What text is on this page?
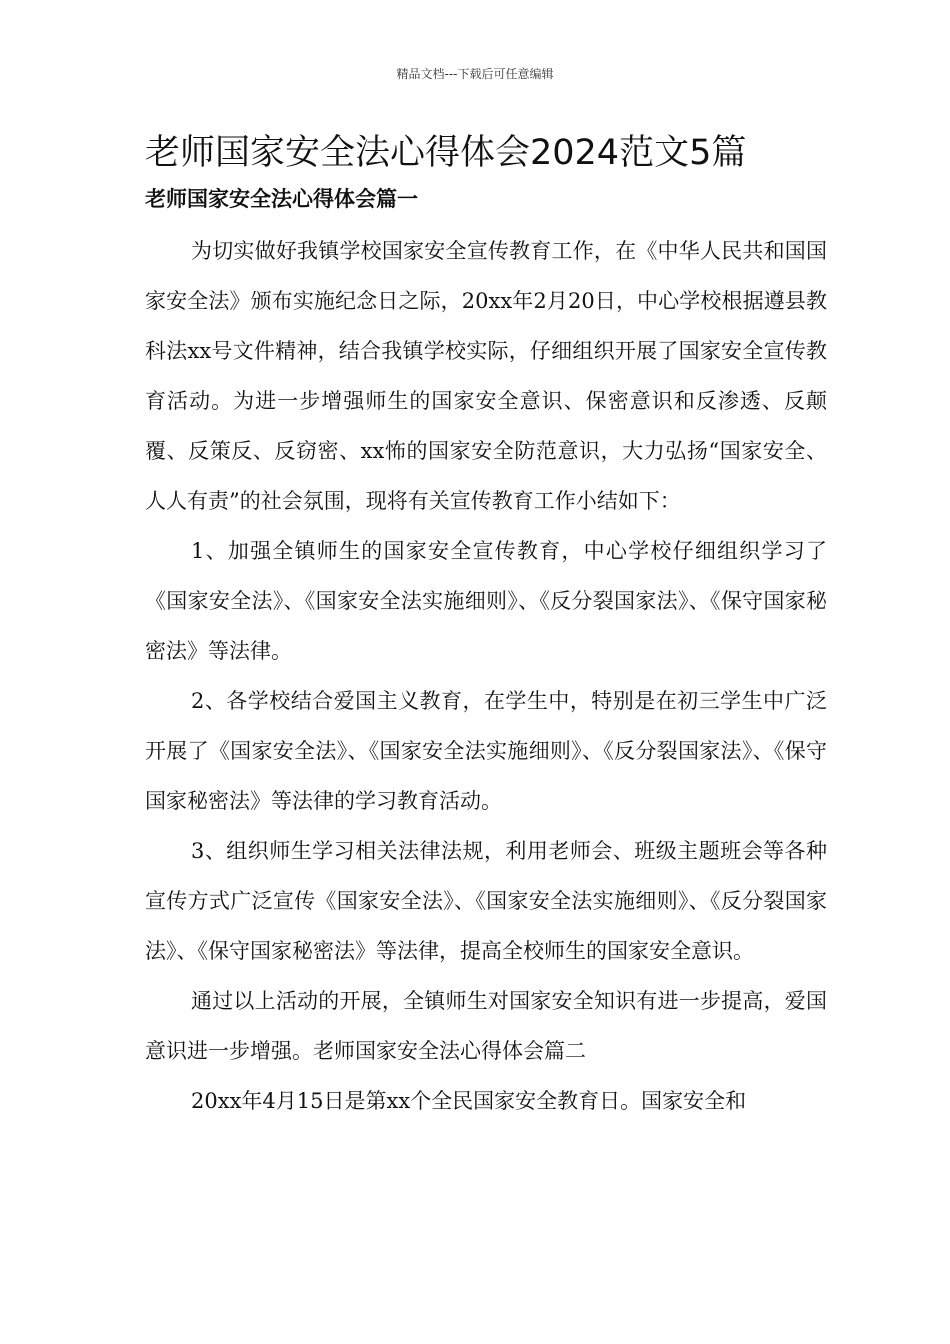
精品文档---下载后可任意编辑
老师国家安全法心得体会2024范文5篇
老师国家安全法心得体会篇一

为切实做好我镇学校国家安全宣传教育工作，在《中华人民共和国国家安全法》颁布实施纪念日之际，20xx年2月20日，中心学校根据遵县教科法xx号文件精神，结合我镇学校实际，仔细组织开展了国家安全宣传教育活动。为进一步增强师生的国家安全意识、保密意识和反渗透、反颠覆、反策反、反窃密、xx怖的国家安全防范意识，大力弘扬“国家安全、人人有责”的社会氛围，现将有关宣传教育工作小结如下：

1、加强全镇师生的国家安全宣传教育，中心学校仔细组织学习了《国家安全法》、《国家安全法实施细则》、《反分裂国家法》、《保守国家秘密法》等法律。

2、各学校结合爱国主义教育，在学生中，特别是在初三学生中广泛开展了《国家安全法》、《国家安全法实施细则》、《反分裂国家法》、《保守国家秘密法》等法律的学习教育活动。

3、组织师生学习相关法律法规，利用老师会、班级主题班会等各种宣传方式广泛宣传《国家安全法》、《国家安全法实施细则》、《反分裂国家法》、《保守国家秘密法》等法律，提高全校师生的国家安全意识。

通过以上活动的开展，全镇师生对国家安全知识有进一步提高，爱国意识进一步增强。老师国家安全法心得体会篇二

20xx年4月15日是第xx个全民国家安全教育日。国家安全和
